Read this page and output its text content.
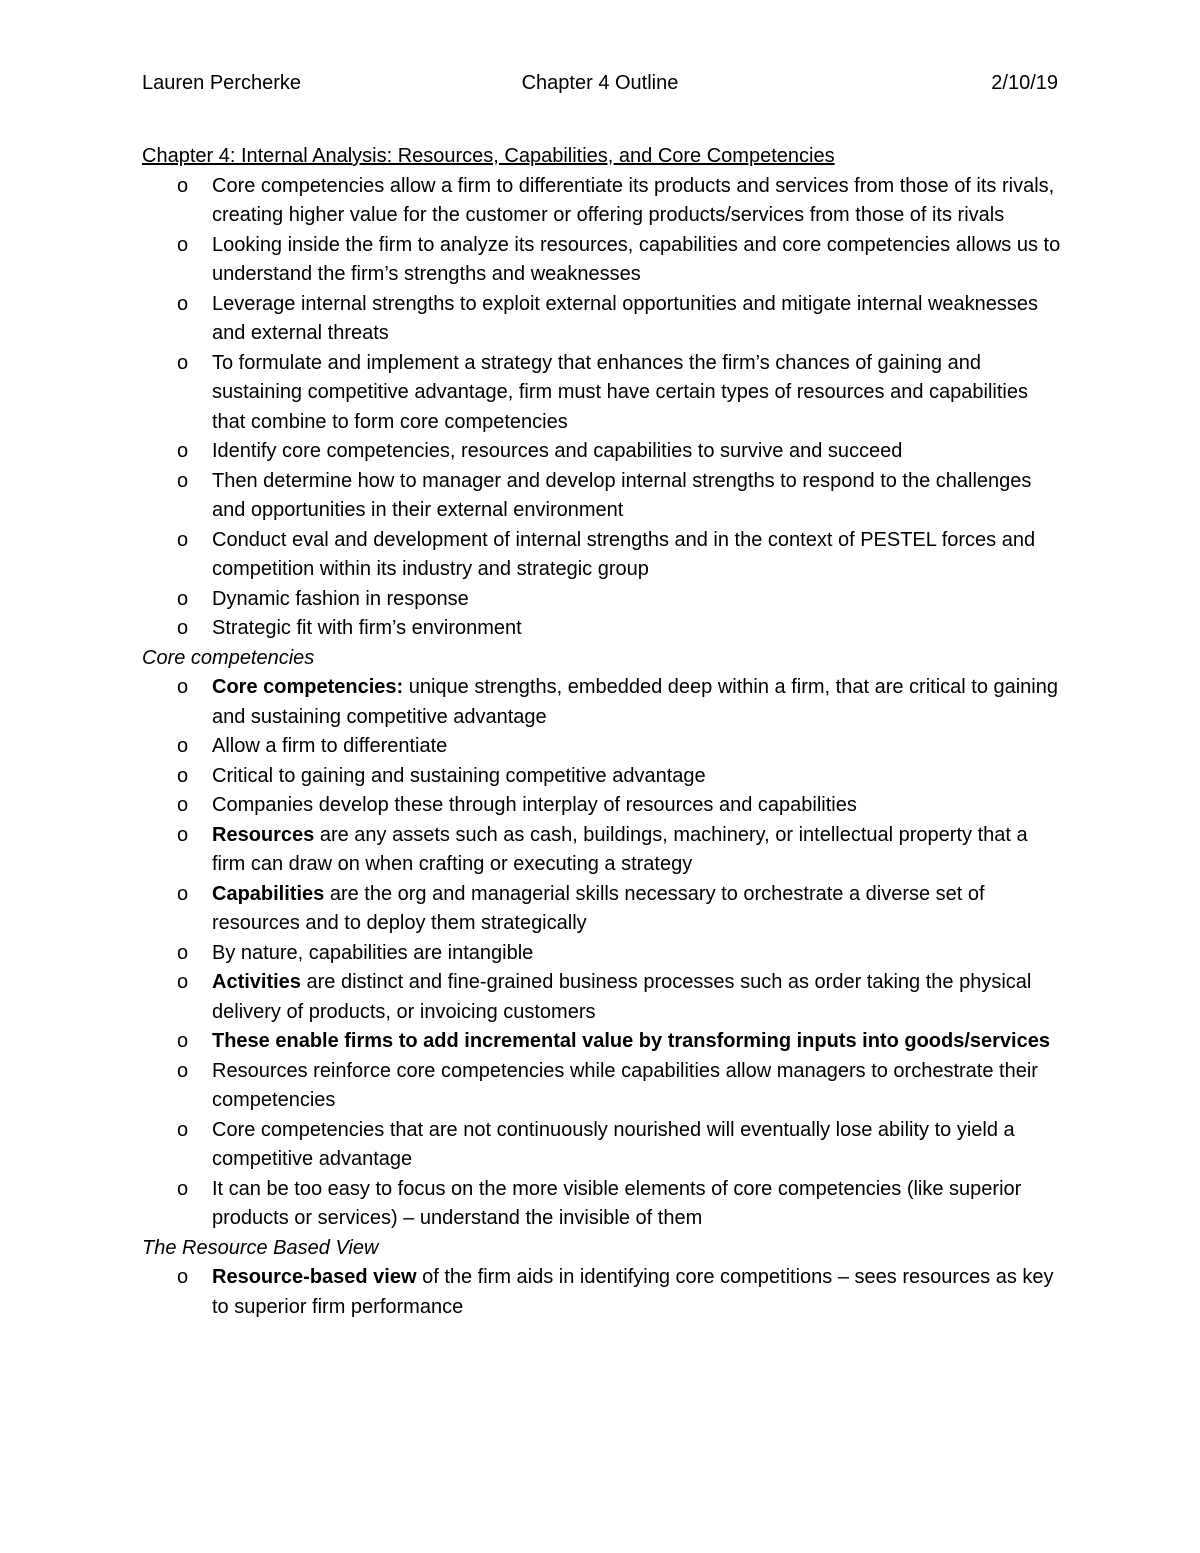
Lauren Percherke	Chapter 4 Outline	2/10/19
Chapter 4: Internal Analysis: Resources, Capabilities, and Core Competencies
o Core competencies allow a firm to differentiate its products and services from those of its rivals, creating higher value for the customer or offering products/services from those of its rivals
o Looking inside the firm to analyze its resources, capabilities and core competencies allows us to understand the firm’s strengths and weaknesses
o Leverage internal strengths to exploit external opportunities and mitigate internal weaknesses and external threats
o To formulate and implement a strategy that enhances the firm’s chances of gaining and sustaining competitive advantage, firm must have certain types of resources and capabilities that combine to form core competencies
o Identify core competencies, resources and capabilities to survive and succeed
o Then determine how to manager and develop internal strengths to respond to the challenges and opportunities in their external environment
o Conduct eval and development of internal strengths and in the context of PESTEL forces and competition within its industry and strategic group
o Dynamic fashion in response
o Strategic fit with firm’s environment
Core competencies
o Core competencies: unique strengths, embedded deep within a firm, that are critical to gaining and sustaining competitive advantage
o Allow a firm to differentiate
o Critical to gaining and sustaining competitive advantage
o Companies develop these through interplay of resources and capabilities
o Resources are any assets such as cash, buildings, machinery, or intellectual property that a firm can draw on when crafting or executing a strategy
o Capabilities are the org and managerial skills necessary to orchestrate a diverse set of resources and to deploy them strategically
o By nature, capabilities are intangible
o Activities are distinct and fine-grained business processes such as order taking the physical delivery of products, or invoicing customers
o These enable firms to add incremental value by transforming inputs into goods/services
o Resources reinforce core competencies while capabilities allow managers to orchestrate their competencies
o Core competencies that are not continuously nourished will eventually lose ability to yield a competitive advantage
o It can be too easy to focus on the more visible elements of core competencies (like superior products or services) – understand the invisible of them
The Resource Based View
o Resource-based view of the firm aids in identifying core competitions – sees resources as key to superior firm performance
